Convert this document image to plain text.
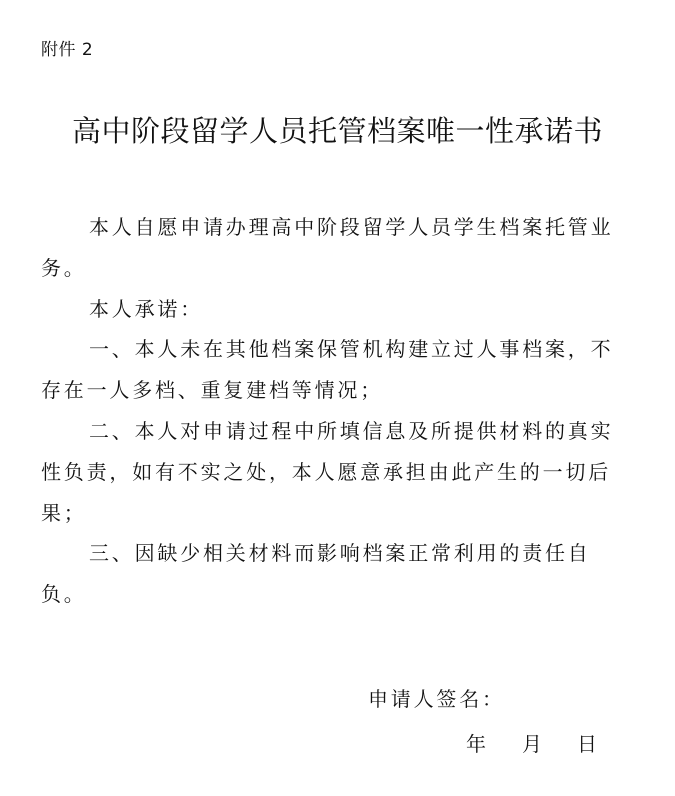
附件 2
高中阶段留学人员托管档案唯一性承诺书

本人自愿申请办理高中阶段留学人员学生档案托管业务。

本人承诺：

一、本人未在其他档案保管机构建立过人事档案，不存在一人多档、重复建档等情况；

二、本人对申请过程中所填信息及所提供材料的真实性负责，如有不实之处，本人愿意承担由此产生的一切后果；

三、因缺少相关材料而影响档案正常利用的责任自负。

申请人签名：
年 月 日
